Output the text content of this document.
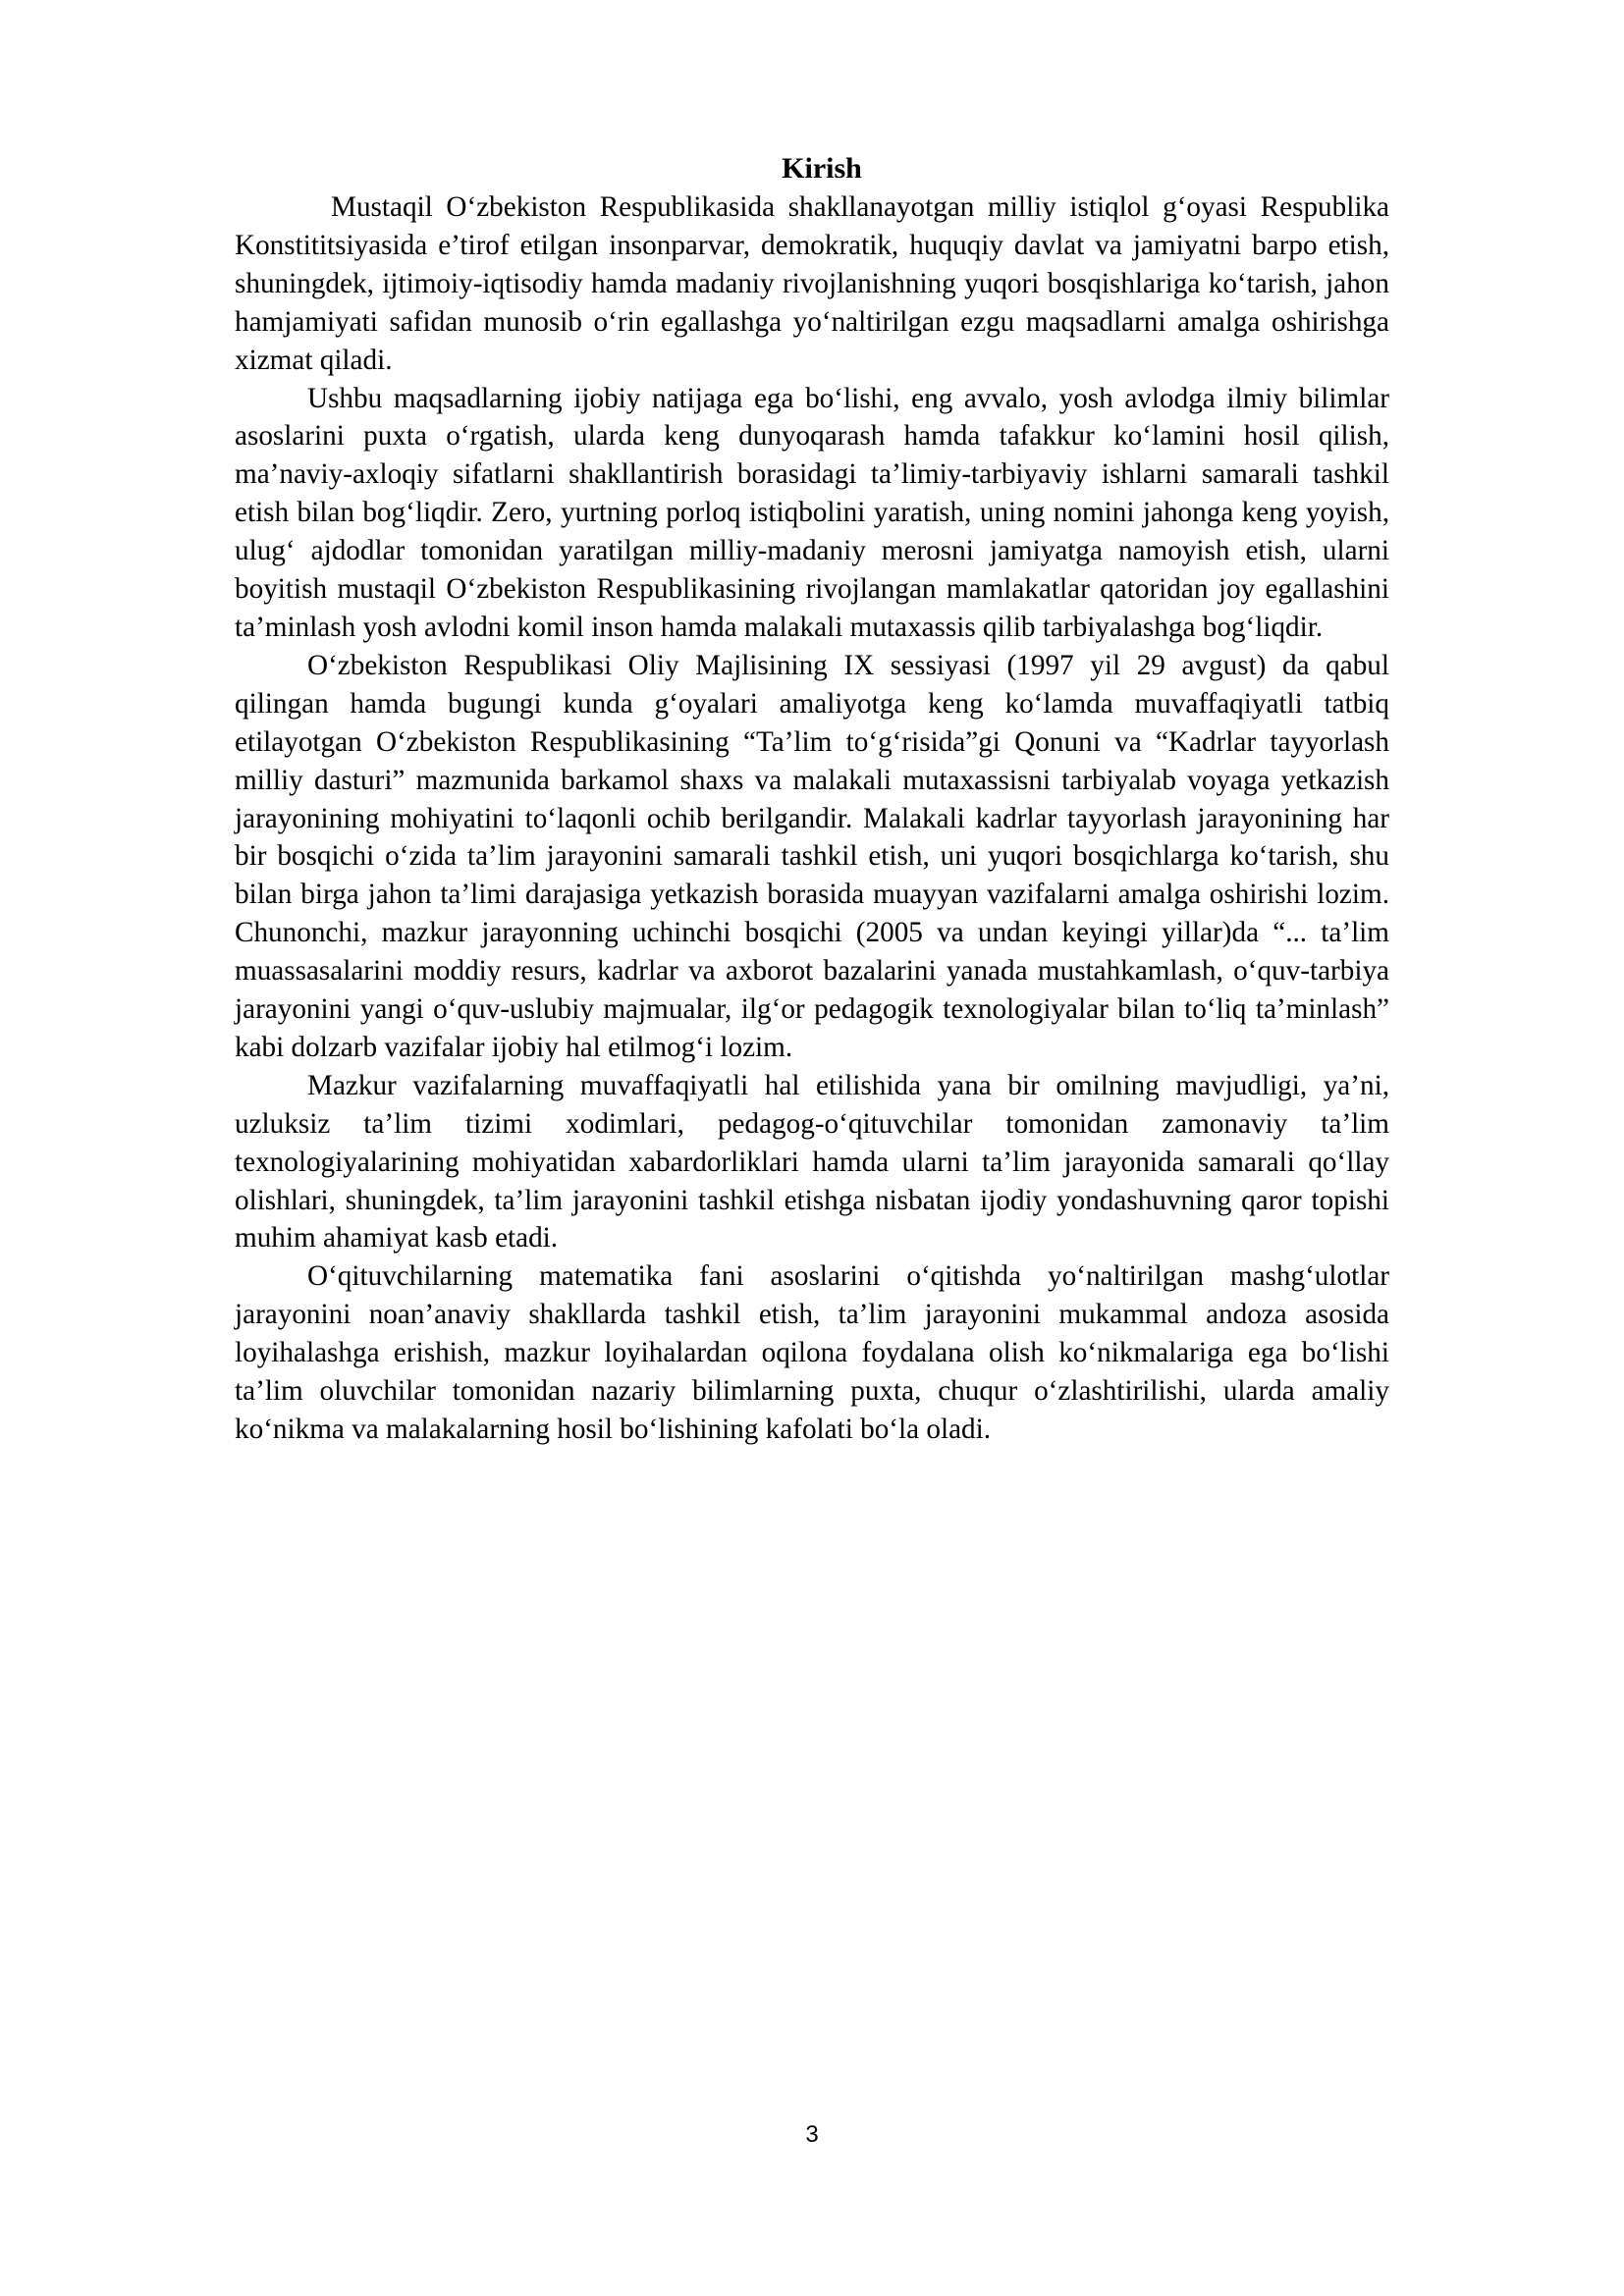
Kirish

Mustaqil O‘zbekiston Respublikasida shakllanayotgan milliy istiqlol g‘oyasi Respublika Konstititsiyasida e’tirof etilgan insonparvar, demokratik, huquqiy davlat va jamiyatni barpo etish, shuningdek, ijtimoiy-iqtisodiy hamda madaniy rivojlanishning yuqori bosqishlariga ko‘tarish, jahon hamjamiyati safidan munosib o‘rin egallashga yo‘naltirilgan ezgu maqsadlarni amalga oshirishga xizmat qiladi.

Ushbu maqsadlarning ijobiy natijaga ega bo‘lishi, eng avvalo, yosh avlodga ilmiy bilimlar asoslarini puxta o‘rgatish, ularda keng dunyoqarash hamda tafakkur ko‘lamini hosil qilish, ma’naviy-axloqiy sifatlarni shakllantirish borasidagi ta’limiy-tarbiyaviy ishlarni samarali tashkil etish bilan bog‘liqdir. Zero, yurtning porloq istiqbolini yaratish, uning nomini jahonga keng yoyish, ulug‘ ajdodlar tomonidan yaratilgan milliy-madaniy merosni jamiyatga namoyish etish, ularni boyitish mustaqil O‘zbekiston Respublikasining rivojlangan mamlakatlar qatoridan joy egallashini ta’minlash yosh avlodni komil inson hamda malakali mutaxassis qilib tarbiyalashga bog‘liqdir.

O‘zbekiston Respublikasi Oliy Majlisining IX sessiyasi (1997 yil 29 avgust) da qabul qilingan hamda bugungi kunda g‘oyalari amaliyotga keng ko‘lamda muvaffaqiyatli tatbiq etilayotgan O‘zbekiston Respublikasining “Ta’lim to‘g‘risida”gi Qonuni va “Kadrlar tayyorlash milliy dasturi” mazmunida barkamol shaxs va malakali mutaxassisni tarbiyalab voyaga yetkazish jarayonining mohiyatini to‘laqonli ochib berilgandir. Malakali kadrlar tayyorlash jarayonining har bir bosqichi o‘zida ta’lim jarayonini samarali tashkil etish, uni yuqori bosqichlarga ko‘tarish, shu bilan birga jahon ta’limi darajasiga yetkazish borasida muayyan vazifalarni amalga oshirishi lozim. Chunonchi, mazkur jarayonning uchinchi bosqichi (2005 va undan keyingi yillar)da “... ta’lim muassasalarini moddiy resurs, kadrlar va axborot bazalarini yanada mustahkamlash, o‘quv-tarbiya jarayonini yangi o‘quv-uslubiy majmualar, ilg‘or pedagogik texnologiyalar bilan to‘liq ta’minlash” kabi dolzarb vazifalar ijobiy hal etilmog‘i lozim.

Mazkur vazifalarning muvaffaqiyatli hal etilishida yana bir omilning mavjudligi, ya’ni, uzluksiz ta’lim tizimi xodimlari, pedagog-o‘qituvchilar tomonidan zamonaviy ta’lim texnologiyalarining mohiyatidan xabardorliklari hamda ularni ta’lim jarayonida samarali qo‘llay olishlari, shuningdek, ta’lim jarayonini tashkil etishga nisbatan ijodiy yondashuvning qaror topishi muhim ahamiyat kasb etadi.

O‘qituvchilarning matematika fani asoslarini o‘qitishda yo‘naltirilgan mashg‘ulotlar jarayonini noan’anaviy shakllarda tashkil etish, ta’lim jarayonini mukammal andoza asosida loyihalashga erishish, mazkur loyihalardan oqilona foydalana olish ko‘nikmalariga ega bo‘lishi ta’lim oluvchilar tomonidan nazariy bilimlarning puxta, chuqur o‘zlashtirilishi, ularda amaliy ko‘nikma va malakalarning hosil bo‘lishining kafolati bo‘la oladi.

3
